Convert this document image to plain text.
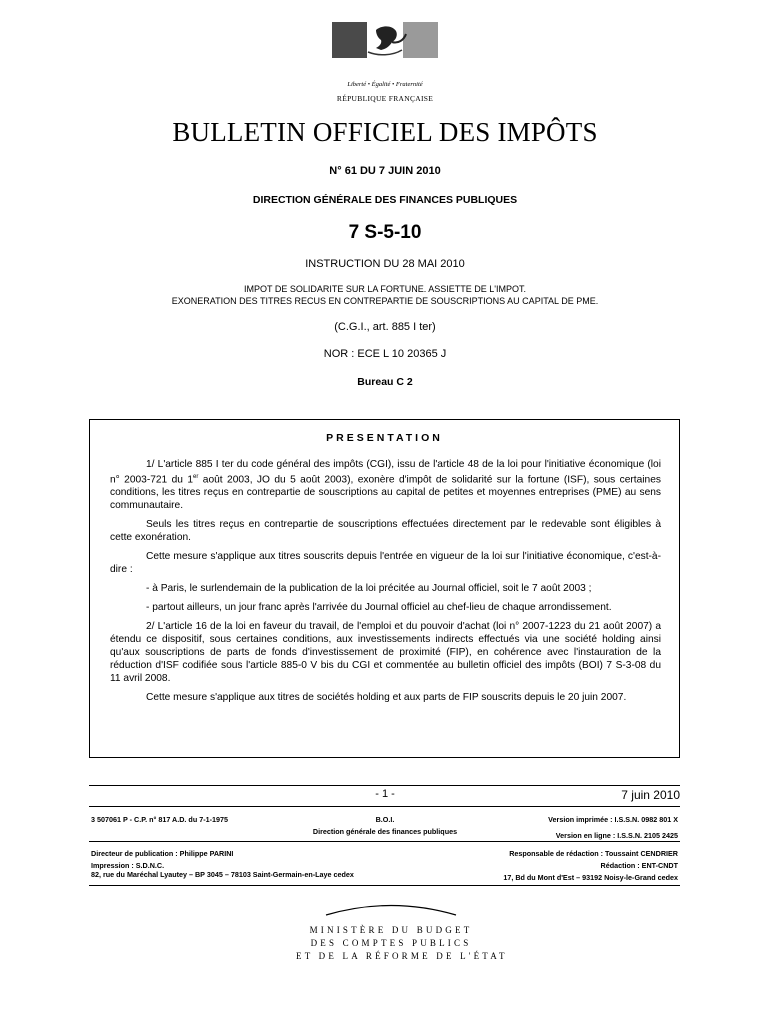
Liberté • Égalité • Fraternité
RÉPUBLIQUE FRANÇAISE
BULLETIN OFFICIEL DES IMPÔTS
N° 61 DU 7 JUIN 2010
DIRECTION GÉNÉRALE DES FINANCES PUBLIQUES
7 S-5-10
INSTRUCTION DU 28 MAI 2010
IMPOT DE SOLIDARITE SUR LA FORTUNE. ASSIETTE DE L'IMPOT.
EXONERATION DES TITRES RECUS EN CONTREPARTIE DE SOUSCRIPTIONS AU CAPITAL DE PME.
(C.G.I., art. 885 I ter)
NOR : ECE L 10 20365 J
Bureau C 2
PRESENTATION

1/ L'article 885 I ter du code général des impôts (CGI), issu de l'article 48 de la loi pour l'initiative économique (loi n° 2003-721 du 1er août 2003, JO du 5 août 2003), exonère d'impôt de solidarité sur la fortune (ISF), sous certaines conditions, les titres reçus en contrepartie de souscriptions au capital de petites et moyennes entreprises (PME) au sens communautaire.

Seuls les titres reçus en contrepartie de souscriptions effectuées directement par le redevable sont éligibles à cette exonération.

Cette mesure s'applique aux titres souscrits depuis l'entrée en vigueur de la loi sur l'initiative économique, c'est-à-dire :

- à Paris, le surlendemain de la publication de la loi précitée au Journal officiel, soit le 7 août 2003 ;

- partout ailleurs, un jour franc après l'arrivée du Journal officiel au chef-lieu de chaque arrondissement.

2/ L'article 16 de la loi en faveur du travail, de l'emploi et du pouvoir d'achat (loi n° 2007-1223 du 21 août 2007) a étendu ce dispositif, sous certaines conditions, aux investissements indirects effectués via une société holding ainsi qu'aux souscriptions de parts de fonds d'investissement de proximité (FIP), en cohérence avec l'instauration de la réduction d'ISF codifiée sous l'article 885-0 V bis du CGI et commentée au bulletin officiel des impôts (BOI) 7 S-3-08 du 11 avril 2008.

Cette mesure s'applique aux titres de sociétés holding et aux parts de FIP souscrits depuis le 20 juin 2007.

- 1 -	7 juin 2010
3 507061 P - C.P. n° 817 A.D. du 7-1-1975	B.O.I.
Direction générale des finances publiques
Version imprimée : I.S.S.N. 0982 801 X
Version en ligne : I.S.S.N. 2105 2425
Directeur de publication : Philippe PARINI
Impression : S.D.N.C.
82, rue du Maréchal Lyautey – BP 3045 – 78103 Saint-Germain-en-Laye cedex
Responsable de rédaction : Toussaint CENDRIER
Rédaction : ENT-CNDT
17, Bd du Mont d'Est – 93192 Noisy-le-Grand cedex
MINISTÈRE DU BUDGET
DES COMPTES PUBLICS
ET DE LA RÉFORME DE L'ÉTAT
